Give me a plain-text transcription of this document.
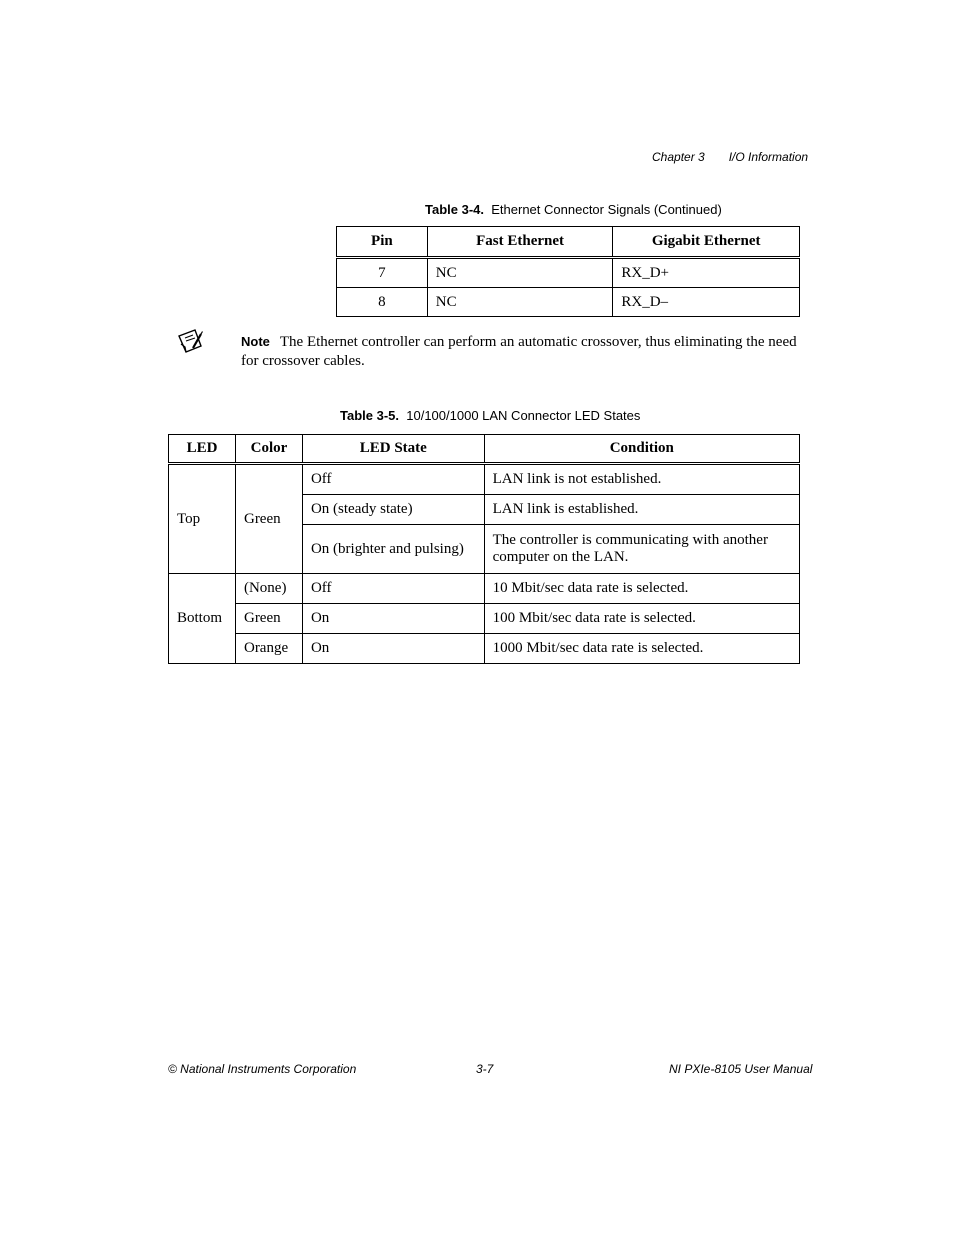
Chapter 3 I/O Information
Table 3-4. Ethernet Connector Signals (Continued)
Pin	Fast Ethernet	Gigabit Ethernet
7	NC	RX_D+
8	NC	RX_D–
Note The Ethernet controller can perform an automatic crossover, thus eliminating the need for crossover cables.
Table 3-5. 10/100/1000 LAN Connector LED States
LED	Color	LED State	Condition
Top	Green	Off	LAN link is not established.
		On (steady state)	LAN link is established.
		On (brighter and pulsing)	The controller is communicating with another computer on the LAN.
Bottom	(None)	Off	10 Mbit/sec data rate is selected.
	Green	On	100 Mbit/sec data rate is selected.
	Orange	On	1000 Mbit/sec data rate is selected.
© National Instruments Corporation	3-7	NI PXIe-8105 User Manual
